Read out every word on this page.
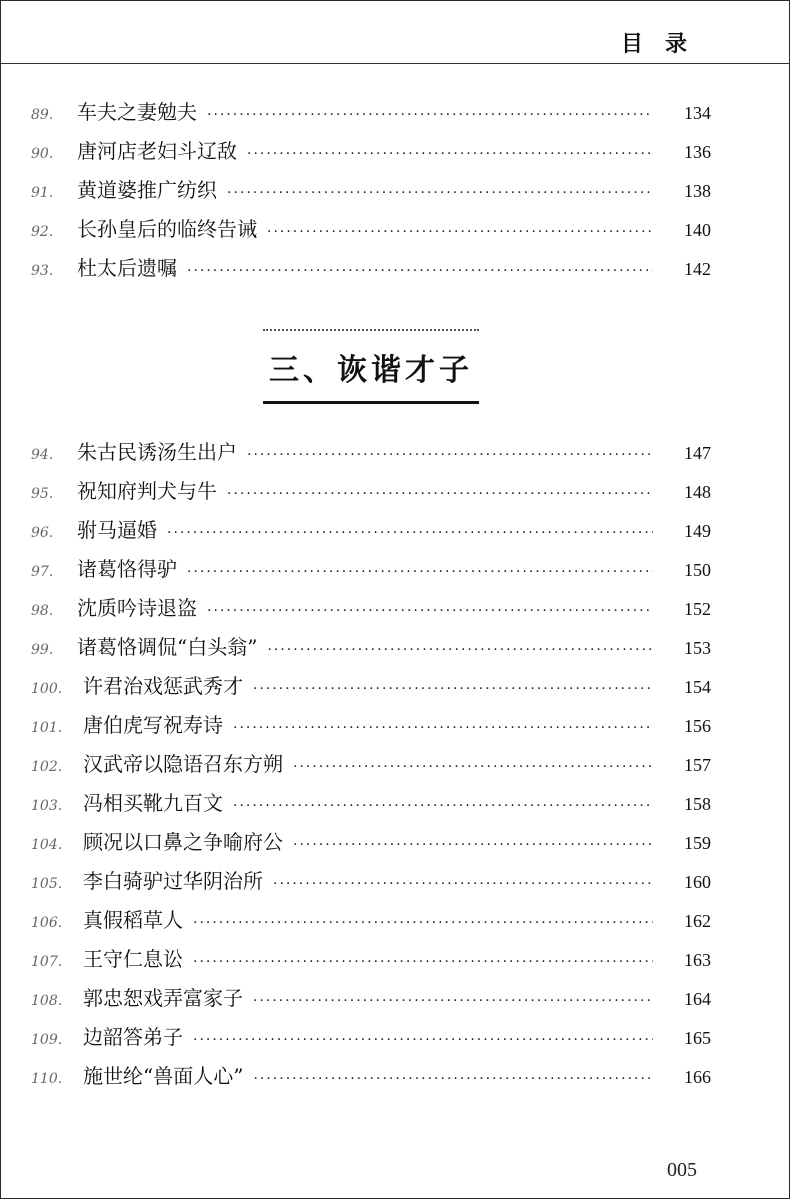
目录
89.	车夫之妻勉夫 ·····	134
90.	唐河店老妇斗辽敌 ·····	136
91.	黄道婆推广纺织 ·····	138
92.	长孙皇后的临终告诫 ·····	140
93.	杜太后遗嘱 ·····	142
三、诙谐才子
94.	朱古民诱汤生出户 ·····	147
95.	祝知府判犬与牛 ·····	148
96.	驸马逼婚 ·····	149
97.	诸葛恪得驴 ·····	150
98.	沈质吟诗退盗 ·····	152
99.	诸葛恪调侃“白头翁” ·····	153
100.	许君治戏惩武秀才 ·····	154
101.	唐伯虎写祝寿诗 ·····	156
102.	汉武帝以隐语召东方朔 ·····	157
103.	冯相买靴九百文 ·····	158
104.	顾况以口鼻之争喻府公 ·····	159
105.	李白骑驴过华阴治所 ·····	160
106.	真假稻草人 ·····	162
107.	王守仁息讼 ·····	163
108.	郭忠恕戏弄富家子 ·····	164
109.	边韶答弟子 ·····	165
110.	施世纶“兽面人心” ·····	166
005
